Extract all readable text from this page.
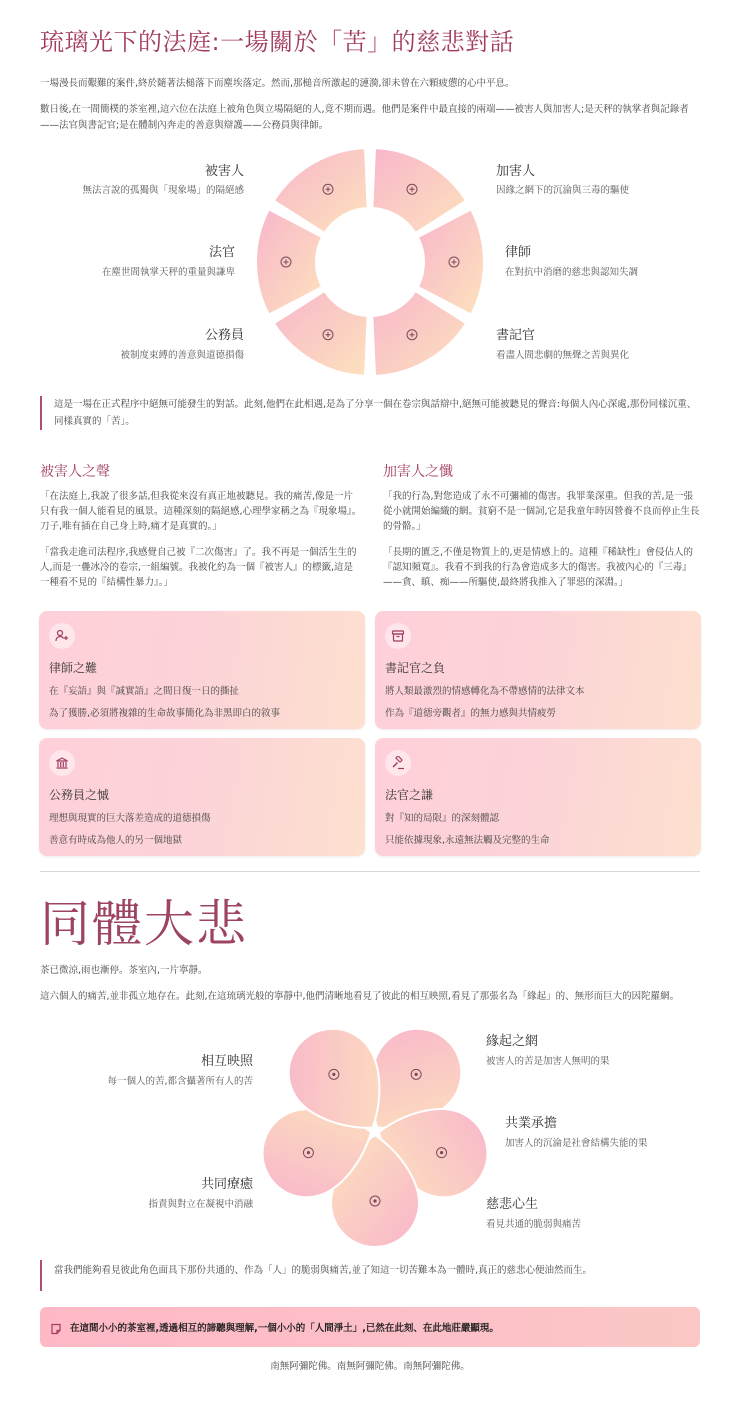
琉璃光下的法庭:一場關於「苦」的慈悲對話
一場漫長而艱難的案件,終於隨著法槌落下而塵埃落定。然而,那槌音所激起的漣漪,卻未曾在六顆疲憊的心中平息。
數日後,在一間簡樸的茶室裡,這六位在法庭上被角色與立場隔絕的人,竟不期而遇。他們是案件中最直接的兩端——被害人與加害人;是天秤的執掌者與記錄者——法官與書記官;是在體制內奔走的善意與辯護——公務員與律師。
被害人
無法言說的孤獨與「現象場」的隔絕感
法官
在塵世間執掌天秤的重量與謙卑
公務員
被制度束縛的善意與道德損傷
加害人
因緣之網下的沉淪與三毒的驅使
律師
在對抗中消磨的慈悲與認知失調
書記官
看盡人間悲劇的無聲之苦與異化
這是一場在正式程序中絕無可能發生的對話。此刻,他們在此相遇,是為了分享一個在卷宗與話辯中,絕無可能被聽見的聲音:每個人內心深處,那份同樣沉重、同樣真實的「苦」。
被害人之聲
「在法庭上,我說了很多話,但我從來沒有真正地被聽見。我的痛苦,像是一片只有我一個人能看見的風景。這種深刻的隔絕感,心理學家稱之為『現象場』。刀子,唯有插在自己身上時,痛才是真實的。」
「當我走進司法程序,我感覺自己被『二次傷害』了。我不再是一個活生生的人,而是一疊冰冷的卷宗,一組編號。我被化約為一個『被害人』的標籤,這是一種看不見的『結構性暴力』。」
加害人之懺
「我的行為,對您造成了永不可彌補的傷害。我罪業深重。但我的苦,是一張從小就開始編織的網。貧窮不是一個詞,它是我童年時因營養不良而停止生長的骨骼。」
「長期的匱乏,不僅是物質上的,更是情感上的。這種『稀缺性』會侵佔人的『認知頻寬』。我看不到我的行為會造成多大的傷害。我被內心的『三毒』——貪、瞋、痴——所驅使,最終將我推入了罪惡的深淵。」
律師之難
在『妄語』與『誠實語』之間日復一日的撕扯
為了獲勝,必須將複雜的生命故事簡化為非黑即白的敘事
書記官之負
將人類最激烈的情感轉化為不帶感情的法律文本
作為『道德旁觀者』的無力感與共情疲勞
公務員之慽
理想與現實的巨大落差造成的道德損傷
善意有時成為他人的另一個地獄
法官之謙
對『知的局限』的深刻體認
只能依據現象,永遠無法觸及完整的生命
同體大悲
茶已微涼,雨也漸停。茶室內,一片寧靜。
這六個人的痛苦,並非孤立地存在。此刻,在這琉璃光般的寧靜中,他們清晰地看見了彼此的相互映照,看見了那張名為「緣起」的、無形而巨大的因陀羅網。
相互映照
每一個人的苦,都含攝著所有人的苦
共同療癒
指責與對立在凝視中消融
緣起之網
被害人的苦是加害人無明的果
共業承擔
加害人的沉淪是社會結構失能的果
慈悲心生
看見共通的脆弱與痛苦
當我們能夠看見彼此角色面具下那份共通的、作為「人」的脆弱與痛苦,並了知這一切苦難本為一體時,真正的慈悲心便油然而生。
在這間小小的茶室裡,透過相互的諦聽與理解,一個小小的「人間淨土」,已然在此刻、在此地莊嚴顯現。
南無阿彌陀佛。南無阿彌陀佛。南無阿彌陀佛。
